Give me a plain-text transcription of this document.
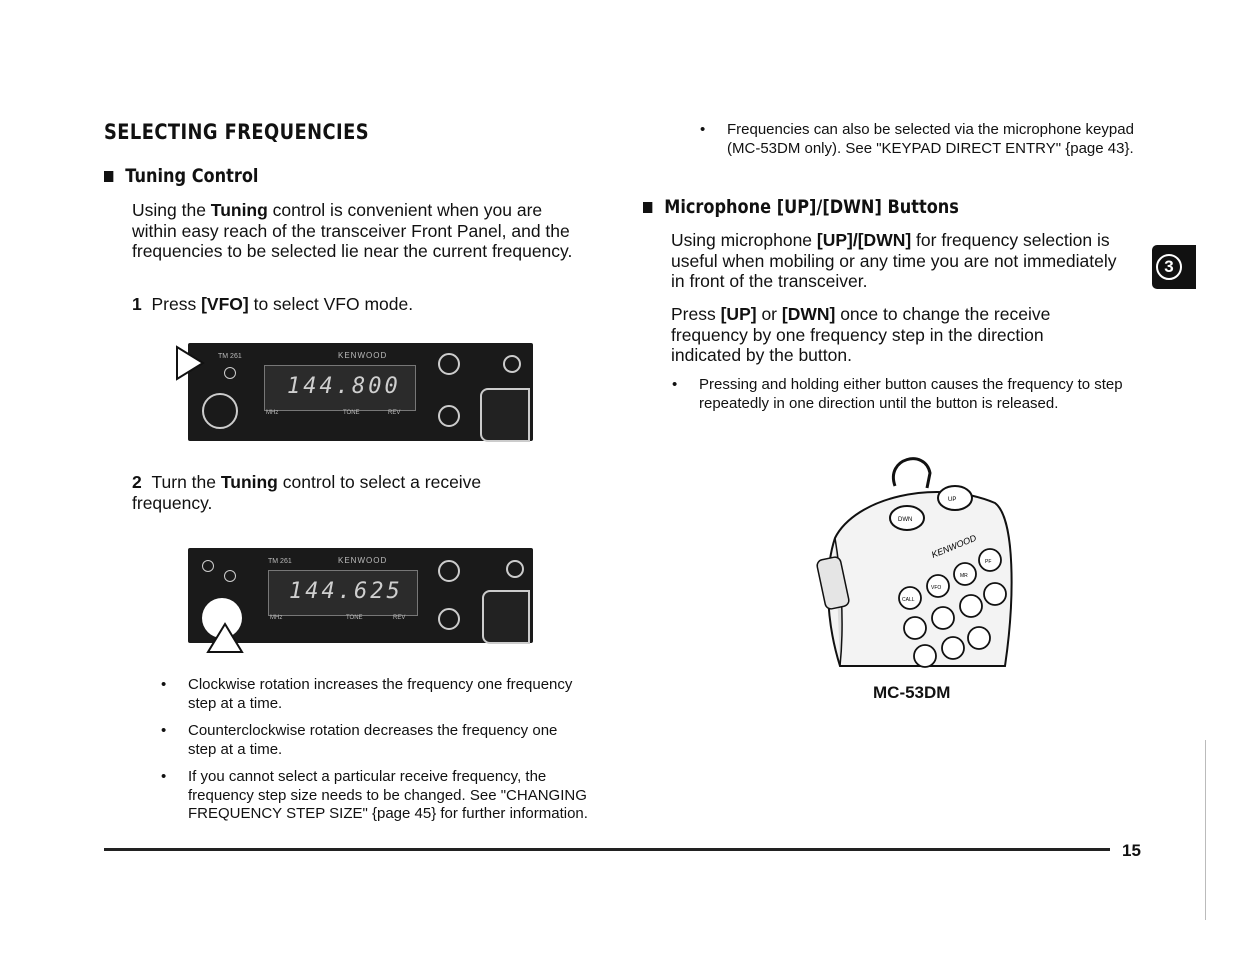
SELECTING FREQUENCIES
Tuning Control
Using the Tuning control is convenient when you are within easy reach of the transceiver Front Panel, and the frequencies to be selected lie near the current frequency.
1 Press [VFO] to select VFO mode.
TM 261	KENWOOD
144.800
MHz	TONE	REV
2 Turn the Tuning control to select a receive frequency.
TM 261	KENWOOD
144.625
MHz	TONE	REV
• Clockwise rotation increases the frequency one frequency step at a time.
• Counterclockwise rotation decreases the frequency one step at a time.
• If you cannot select a particular receive frequency, the frequency step size needs to be changed. See "CHANGING FREQUENCY STEP SIZE" {page 45} for further information.
• Frequencies can also be selected via the microphone keypad (MC-53DM only). See "KEYPAD DIRECT ENTRY" {page 43}.
Microphone [UP]/[DWN] Buttons
Using microphone [UP]/[DWN] for frequency selection is useful when mobiling or any time you are not immediately in front of the transceiver.
Press [UP] or [DWN] once to change the receive frequency by one frequency step in the direction indicated by the button.
• Pressing and holding either button causes the frequency to step repeatedly in one direction until the button is released.
KENWOOD
UP
DWN
CALL
VFO
MR
PF
MC-53DM
3
15
